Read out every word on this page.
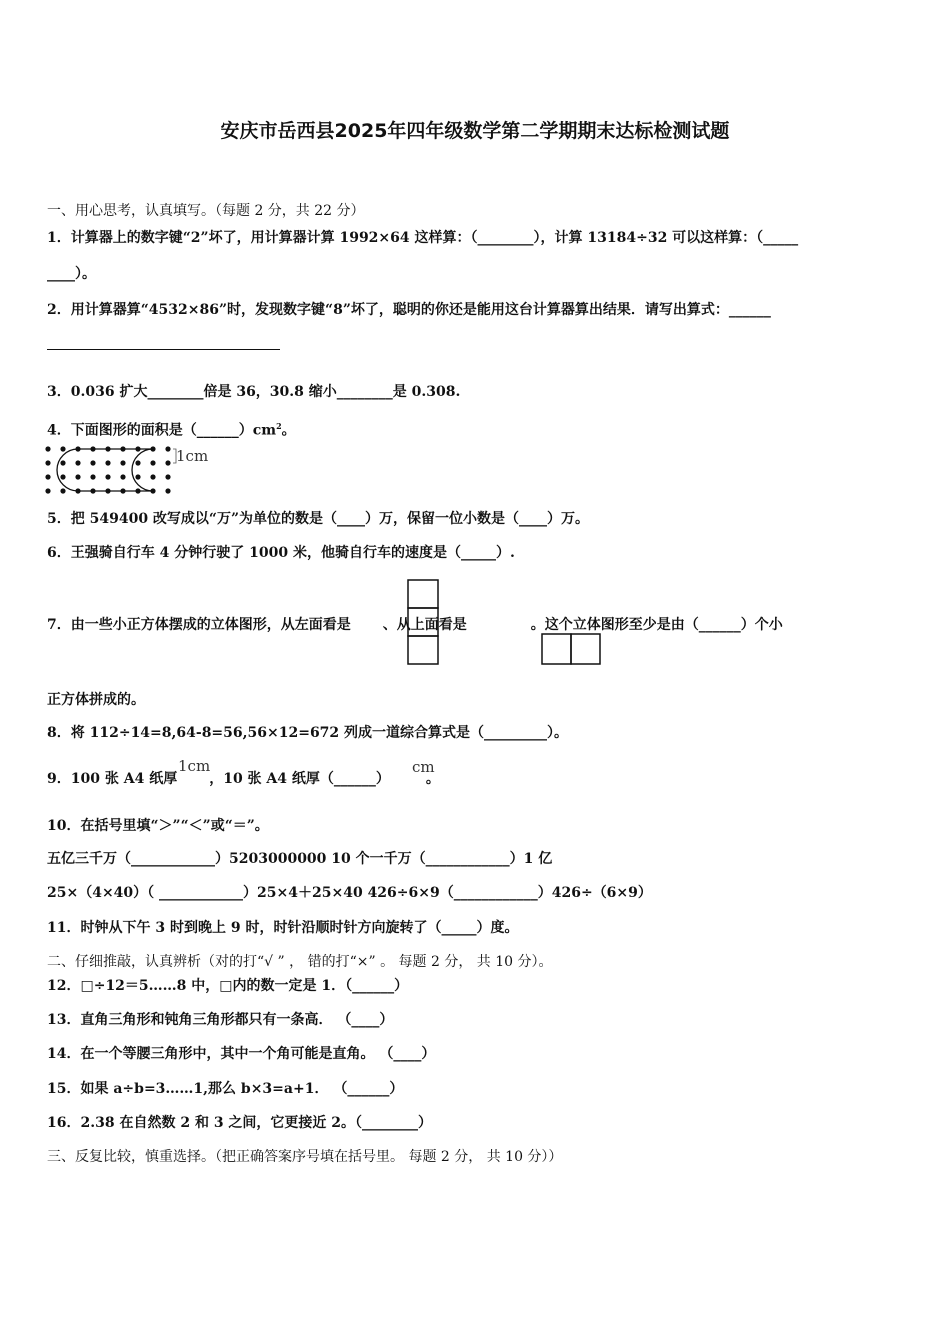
安庆市岳西县2025年四年级数学第二学期期末达标检测试题
一、用心思考，认真填写。（每题 2 分，共 22 分）
1．计算器上的数字键“2”坏了，用计算器计算 1992×64 这样算：（________），计算 13184÷32 可以这样算：（_____
____）。
2．用计算器算“4532×86”时，发现数字键“8”坏了，聪明的你还是能用这台计算器算出结果．请写出算式：______
3．0.036 扩大________倍是 36，30.8 缩小________是 0.308.
4．下面图形的面积是$(\_\_\_\_\_\_)cm^2$。
1cm
5．把 549400 改写成以“万”为单位的数是（____）万，保留一位小数是（____）万。
6．王强骑自行车 4 分钟行驶了 1000 米，他骑自行车的速度是（_____）.
7．由一些小正方体摆成的立体图形，从左面看是 、从上面看是	。这个立体图形至少是由（______）个小
正方体拼成的。
8．将 112÷14=8,64-8=56,56×12=672 列成一道综合算式是（_________）。
9．100 张 A4 纸厚 ，10 张 A4 纸厚（______）	。
1cm	cm
10．在括号里填“＞”“＜”或“＝”。
五亿三千万（____________）5203000000 10 个一千万（____________）1 亿
25×（4×40）（ ____________）25×4＋25×40 426÷6×9（____________）426÷（6×9）
11．时钟从下午 3 时到晚上 9 时，时针沿顺时针方向旋转了（_____）度。
二、仔细推敲，认真辨析（对的打“√ ” ， 错的打“×” 。 每题 2 分， 共 10 分）。
12．□÷12＝5……8 中，□内的数一定是 1．（______）
13．直角三角形和钝角三角形都只有一条高． （____）
14．在一个等腰三角形中，其中一个角可能是直角。 （____）
15．如果 a÷b=3……1,那么 b×3=a+1． （______）
16．2.38 在自然数 2 和 3 之间，它更接近 2。（________）
三、反复比较，慎重选择。（把正确答案序号填在括号里。 每题 2 分， 共 10 分））
